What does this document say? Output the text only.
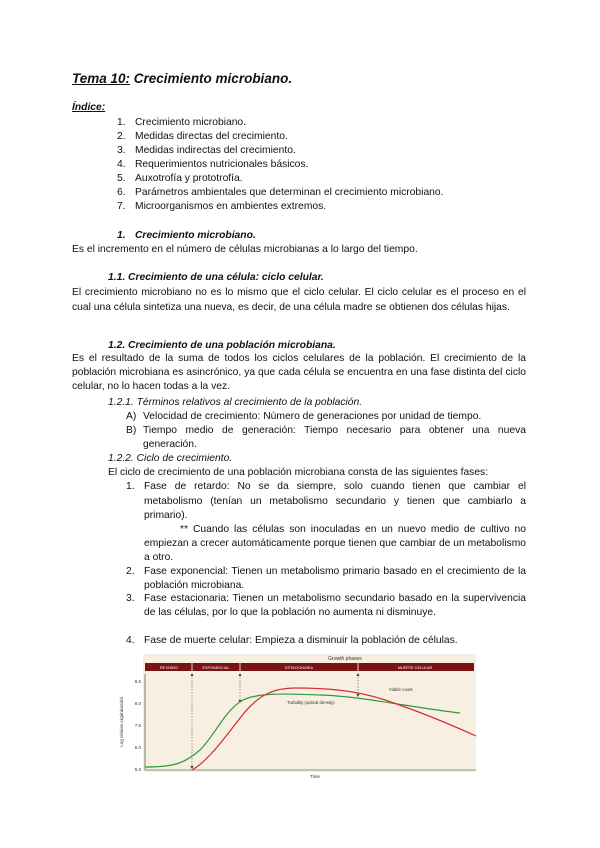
Tema 10: Crecimiento microbiano.
Índice:
1. Crecimiento microbiano.
2. Medidas directas del crecimiento.
3. Medidas indirectas del crecimiento.
4. Requerimientos nutricionales básicos.
5. Auxotrofía y prototrofía.
6. Parámetros ambientales que determinan el crecimiento microbiano.
7. Microorganismos en ambientes extremos.
1. Crecimiento microbiano.
Es el incremento en el número de células microbianas a lo largo del tiempo.
1.1. Crecimiento de una célula: ciclo celular.
El crecimiento microbiano no es lo mismo que el ciclo celular. El ciclo celular es el proceso en el cual una célula sintetiza una nueva, es decir, de una célula madre se obtienen dos células hijas.
1.2. Crecimiento de una población microbiana.
Es el resultado de la suma de todos los ciclos celulares de la población. El crecimiento de la población microbiana es asincrónico, ya que cada célula se encuentra en una fase distinta del ciclo celular, no lo hacen todas a la vez.
1.2.1. Términos relativos al crecimiento de la población.
A) Velocidad de crecimiento: Número de generaciones por unidad de tiempo.
B) Tiempo medio de generación: Tiempo necesario para obtener una nueva generación.
1.2.2. Ciclo de crecimiento.
El ciclo de crecimiento de una población microbiana consta de las siguientes fases:
1. Fase de retardo: No se da siempre, solo cuando tienen que cambiar el metabolismo (tenían un metabolismo secundario y tienen que cambiarlo a primario).
** Cuando las células son inoculadas en un nuevo medio de cultivo no empiezan a crecer automáticamente porque tienen que cambiar de un metabolismo a otro.
2. Fase exponencial: Tienen un metabolismo primario basado en el crecimiento de la población microbiana.
3. Fase estacionaria: Tienen un metabolismo secundario basado en la supervivencia de las células, por lo que la población no aumenta ni disminuye.
4. Fase de muerte celular: Empieza a disminuir la población de células.
Growth phases
RETARDO	EXPONENCIAL	ESTACIONARIA	MUERTE CELULAR
8.5
8.0
7.5
6.0
5.0
Log células orgánicas/ml
Time
Turbidity (optical density)
Viable count
